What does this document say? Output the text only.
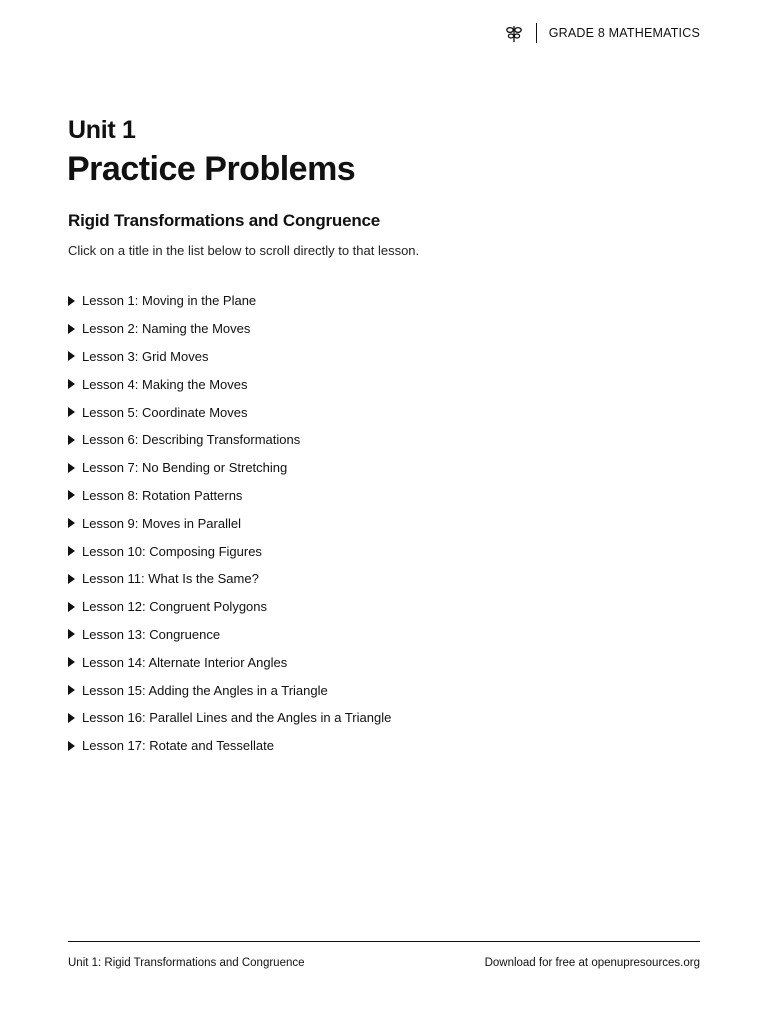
GRADE 8 MATHEMATICS
Unit 1
Practice Problems
Rigid Transformations and Congruence
Click on a title in the list below to scroll directly to that lesson.
Lesson 1: Moving in the Plane
Lesson 2: Naming the Moves
Lesson 3: Grid Moves
Lesson 4: Making the Moves
Lesson 5: Coordinate Moves
Lesson 6: Describing Transformations
Lesson 7: No Bending or Stretching
Lesson 8: Rotation Patterns
Lesson 9: Moves in Parallel
Lesson 10: Composing Figures
Lesson 11: What Is the Same?
Lesson 12: Congruent Polygons
Lesson 13: Congruence
Lesson 14: Alternate Interior Angles
Lesson 15: Adding the Angles in a Triangle
Lesson 16: Parallel Lines and the Angles in a Triangle
Lesson 17: Rotate and Tessellate
Unit 1: Rigid Transformations and Congruence	Download for free at openupresources.org
